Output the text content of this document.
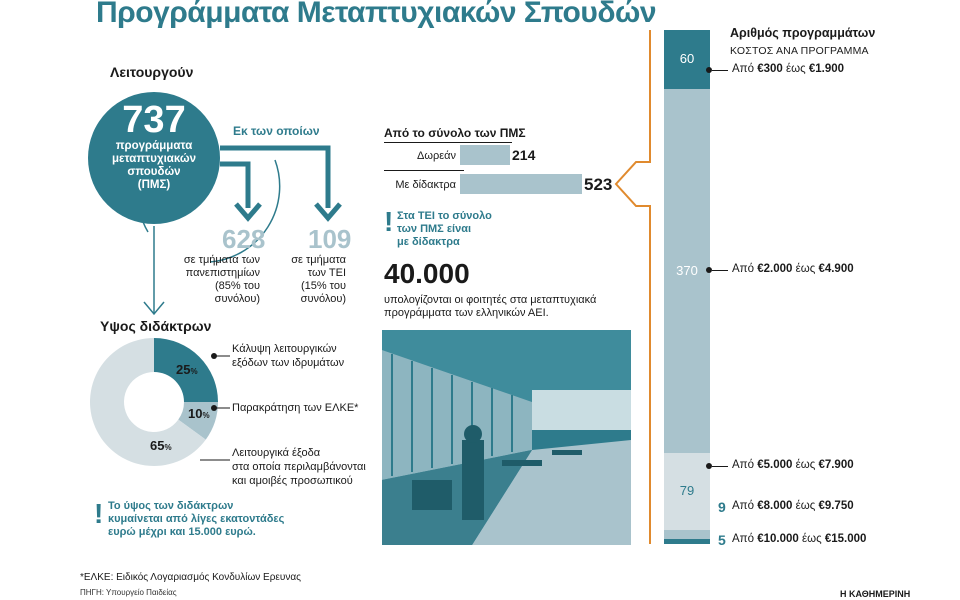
Προγράμματα Μεταπτυχιακών Σπουδών
Λειτουργούν
737
προγράμματα
μεταπτυχιακών
σπουδών
(ΠΜΣ)
Εκ των οποίων
628
σε τμήματα των
πανεπιστημίων
(85% του
συνόλου)
109
σε τμήματα
των ΤΕΙ
(15% του
συνόλου)
Υψος διδάκτρων
25%
10%
65%
Κάλυψη λειτουργικών
εξόδων των ιδρυμάτων
Παρακράτηση των ΕΛΚΕ*
Λειτουργικά έξοδα
στα οποία περιλαμβάνονται
και αμοιβές προσωπικού
! Το ύψος των διδάκτρων
κυμαίνεται από λίγες εκατοντάδες
ευρώ μέχρι και 15.000 ευρώ.
Από το σύνολο των ΠΜΣ
Δωρεάν	214
Με δίδακτρα	523
! Στα ΤΕΙ το σύνολο
των ΠΜΣ είναι
με δίδακτρα
40.000
υπολογίζονται οι φοιτητές στα μεταπτυχιακά προγράμματα των ελληνικών ΑΕΙ.
Αριθμός προγραμμάτων
ΚΟΣΤΟΣ ΑΝΑ ΠΡΟΓΡΑΜΜΑ
60
370
79
Από €300 έως €1.900
Από €2.000 έως €4.900
Από €5.000 έως €7.900
9 Από €8.000 έως €9.750
5 Από €10.000 έως €15.000
*ΕΛΚΕ: Ειδικός Λογαριασμός Κονδυλίων Ερευνας
ΠΗΓΗ: Υπουργείο Παιδείας	Η ΚΑΘΗΜΕΡΙΝΗ
